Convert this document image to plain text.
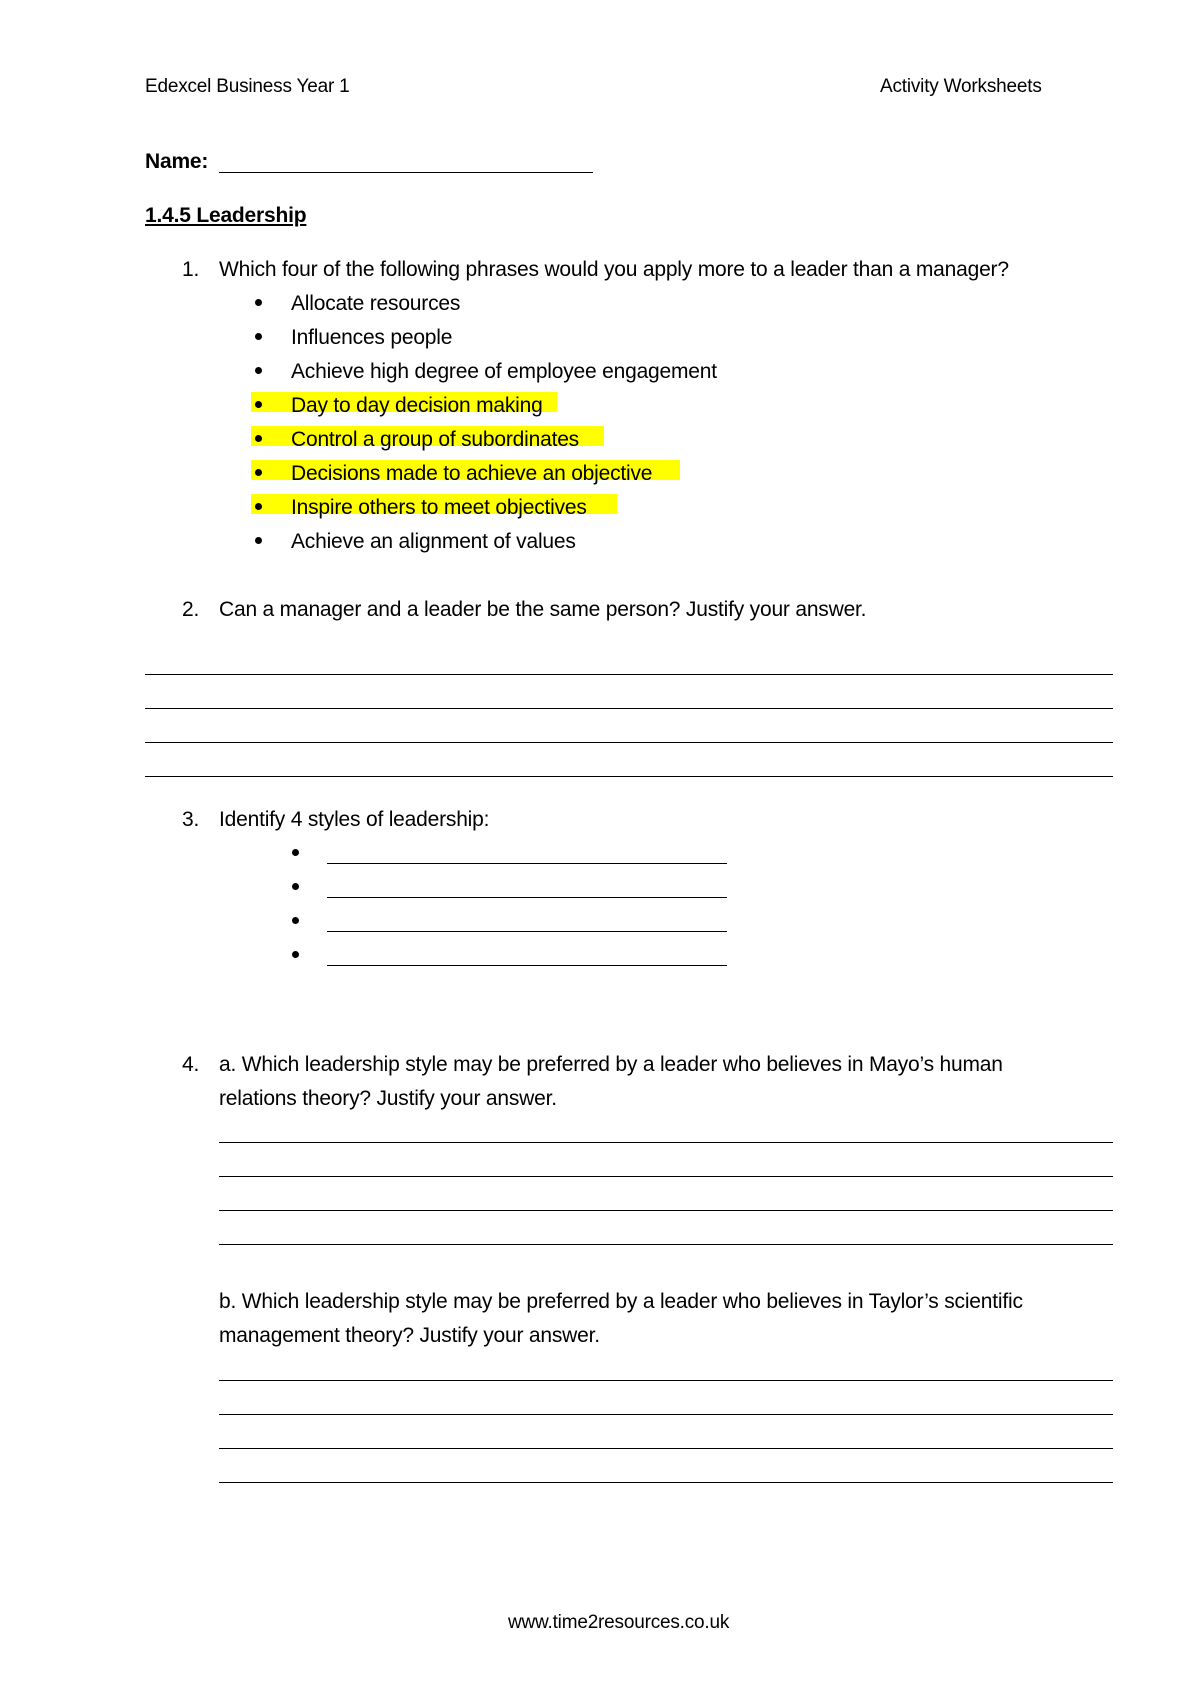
Edexcel Business Year 1	Activity Worksheets
Name:
1.4.5 Leadership
1. Which four of the following phrases would you apply more to a leader than a manager?
Allocate resources
Influences people
Achieve high degree of employee engagement
Day to day decision making
Control a group of subordinates
Decisions made to achieve an objective
Inspire others to meet objectives
Achieve an alignment of values
2. Can a manager and a leader be the same person? Justify your answer.
3. Identify 4 styles of leadership:
4. a. Which leadership style may be preferred by a leader who believes in Mayo’s human
relations theory? Justify your answer.
b. Which leadership style may be preferred by a leader who believes in Taylor’s scientific
management theory? Justify your answer.
www.time2resources.co.uk
